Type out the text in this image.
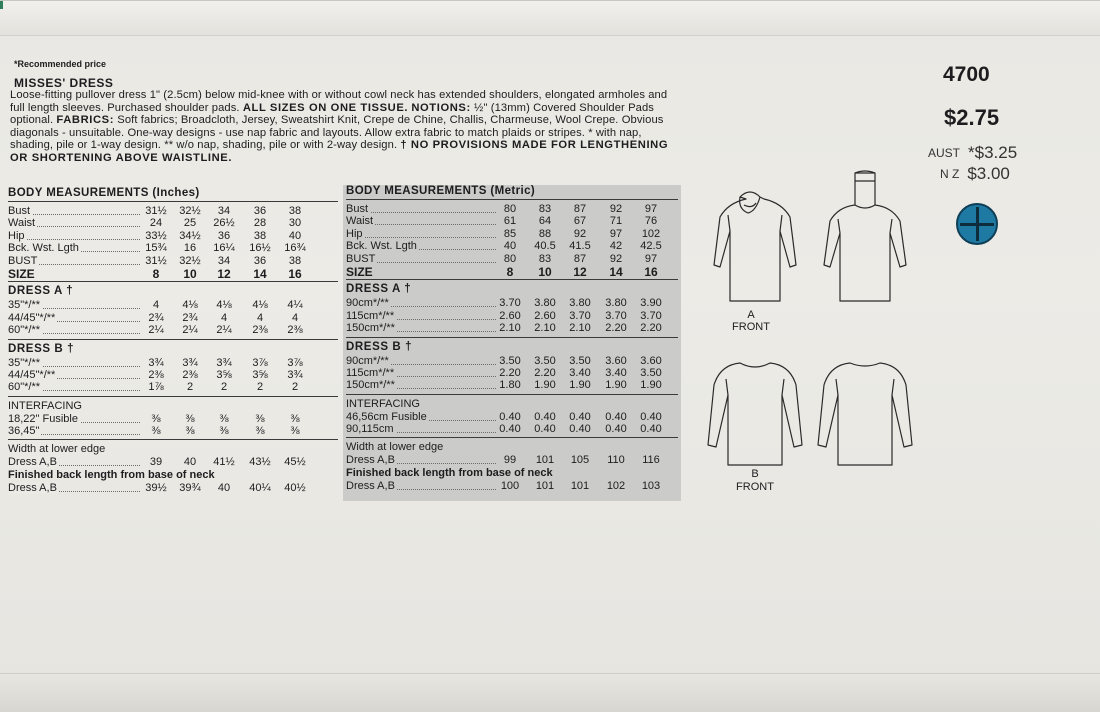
*Recommended price
MISSES' DRESS
Loose-fitting pullover dress 1" (2.5cm) below mid-knee with or without cowl neck has extended shoulders, elongated armholes and full length sleeves. Purchased shoulder pads. ALL SIZES ON ONE TISSUE. NOTIONS: ½" (13mm) Covered Shoulder Pads optional. FABRICS: Soft fabrics; Broadcloth, Jersey, Sweatshirt Knit, Crepe de Chine, Challis, Charmeuse, Wool Crepe. Obvious diagonals - unsuitable. One-way designs - use nap fabric and layouts. Allow extra fabric to match plaids or stripes. * with nap, shading, pile or 1-way design. ** w/o nap, shading, pile or with 2-way design. † NO PROVISIONS MADE FOR LENGTHENING OR SHORTENING ABOVE WAISTLINE.
4700
$2.75
AUST *$3.25
N Z $3.00
BODY MEASUREMENTS (Inches)
Bust	31½	32½	34	36	38
Waist	24	25	26½	28	30
Hip	33½	34½	36	38	40
Bck. Wst. Lgth	15¾	16	16¼	16½	16¾
BUST	31½	32½	34	36	38
SIZE	8	10	12	14	16
DRESS A †
35"*/**	4	4⅛	4⅛	4⅛	4¼
44/45"*/**	2¾	2¾	4	4	4
60"*/**	2¼	2¼	2¼	2⅜	2⅜
DRESS B †
35"*/**	3¾	3¾	3¾	3⅞	3⅞
44/45"*/**	2⅜	2⅜	3⅝	3⅝	3¾
60"*/**	1⅞	2	2	2	2
INTERFACING
18,22" Fusible	⅜	⅜	⅜	⅜	⅜
36,45"	⅜	⅜	⅜	⅜	⅜
Width at lower edge
Dress A,B	39	40	41½	43½	45½
Finished back length from base of neck
Dress A,B	39½	39¾	40	40¼	40½
BODY MEASUREMENTS (Metric)
Bust	80	83	87	92	97
Waist	61	64	67	71	76
Hip	85	88	92	97	102
Bck. Wst. Lgth	40	40.5	41.5	42	42.5
BUST	80	83	87	92	97
SIZE	8	10	12	14	16
DRESS A †
90cm*/**	3.70	3.80	3.80	3.80	3.90
115cm*/**	2.60	2.60	3.70	3.70	3.70
150cm*/**	2.10	2.10	2.10	2.20	2.20
DRESS B †
90cm*/**	3.50	3.50	3.50	3.60	3.60
115cm*/**	2.20	2.20	3.40	3.40	3.50
150cm*/**	1.80	1.90	1.90	1.90	1.90
INTERFACING
46,56cm Fusible	0.40	0.40	0.40	0.40	0.40
90,115cm	0.40	0.40	0.40	0.40	0.40
Width at lower edge
Dress A,B	99	101	105	110	116
Finished back length from base of neck
Dress A,B	100	101	101	102	103
A
FRONT
B
FRONT
